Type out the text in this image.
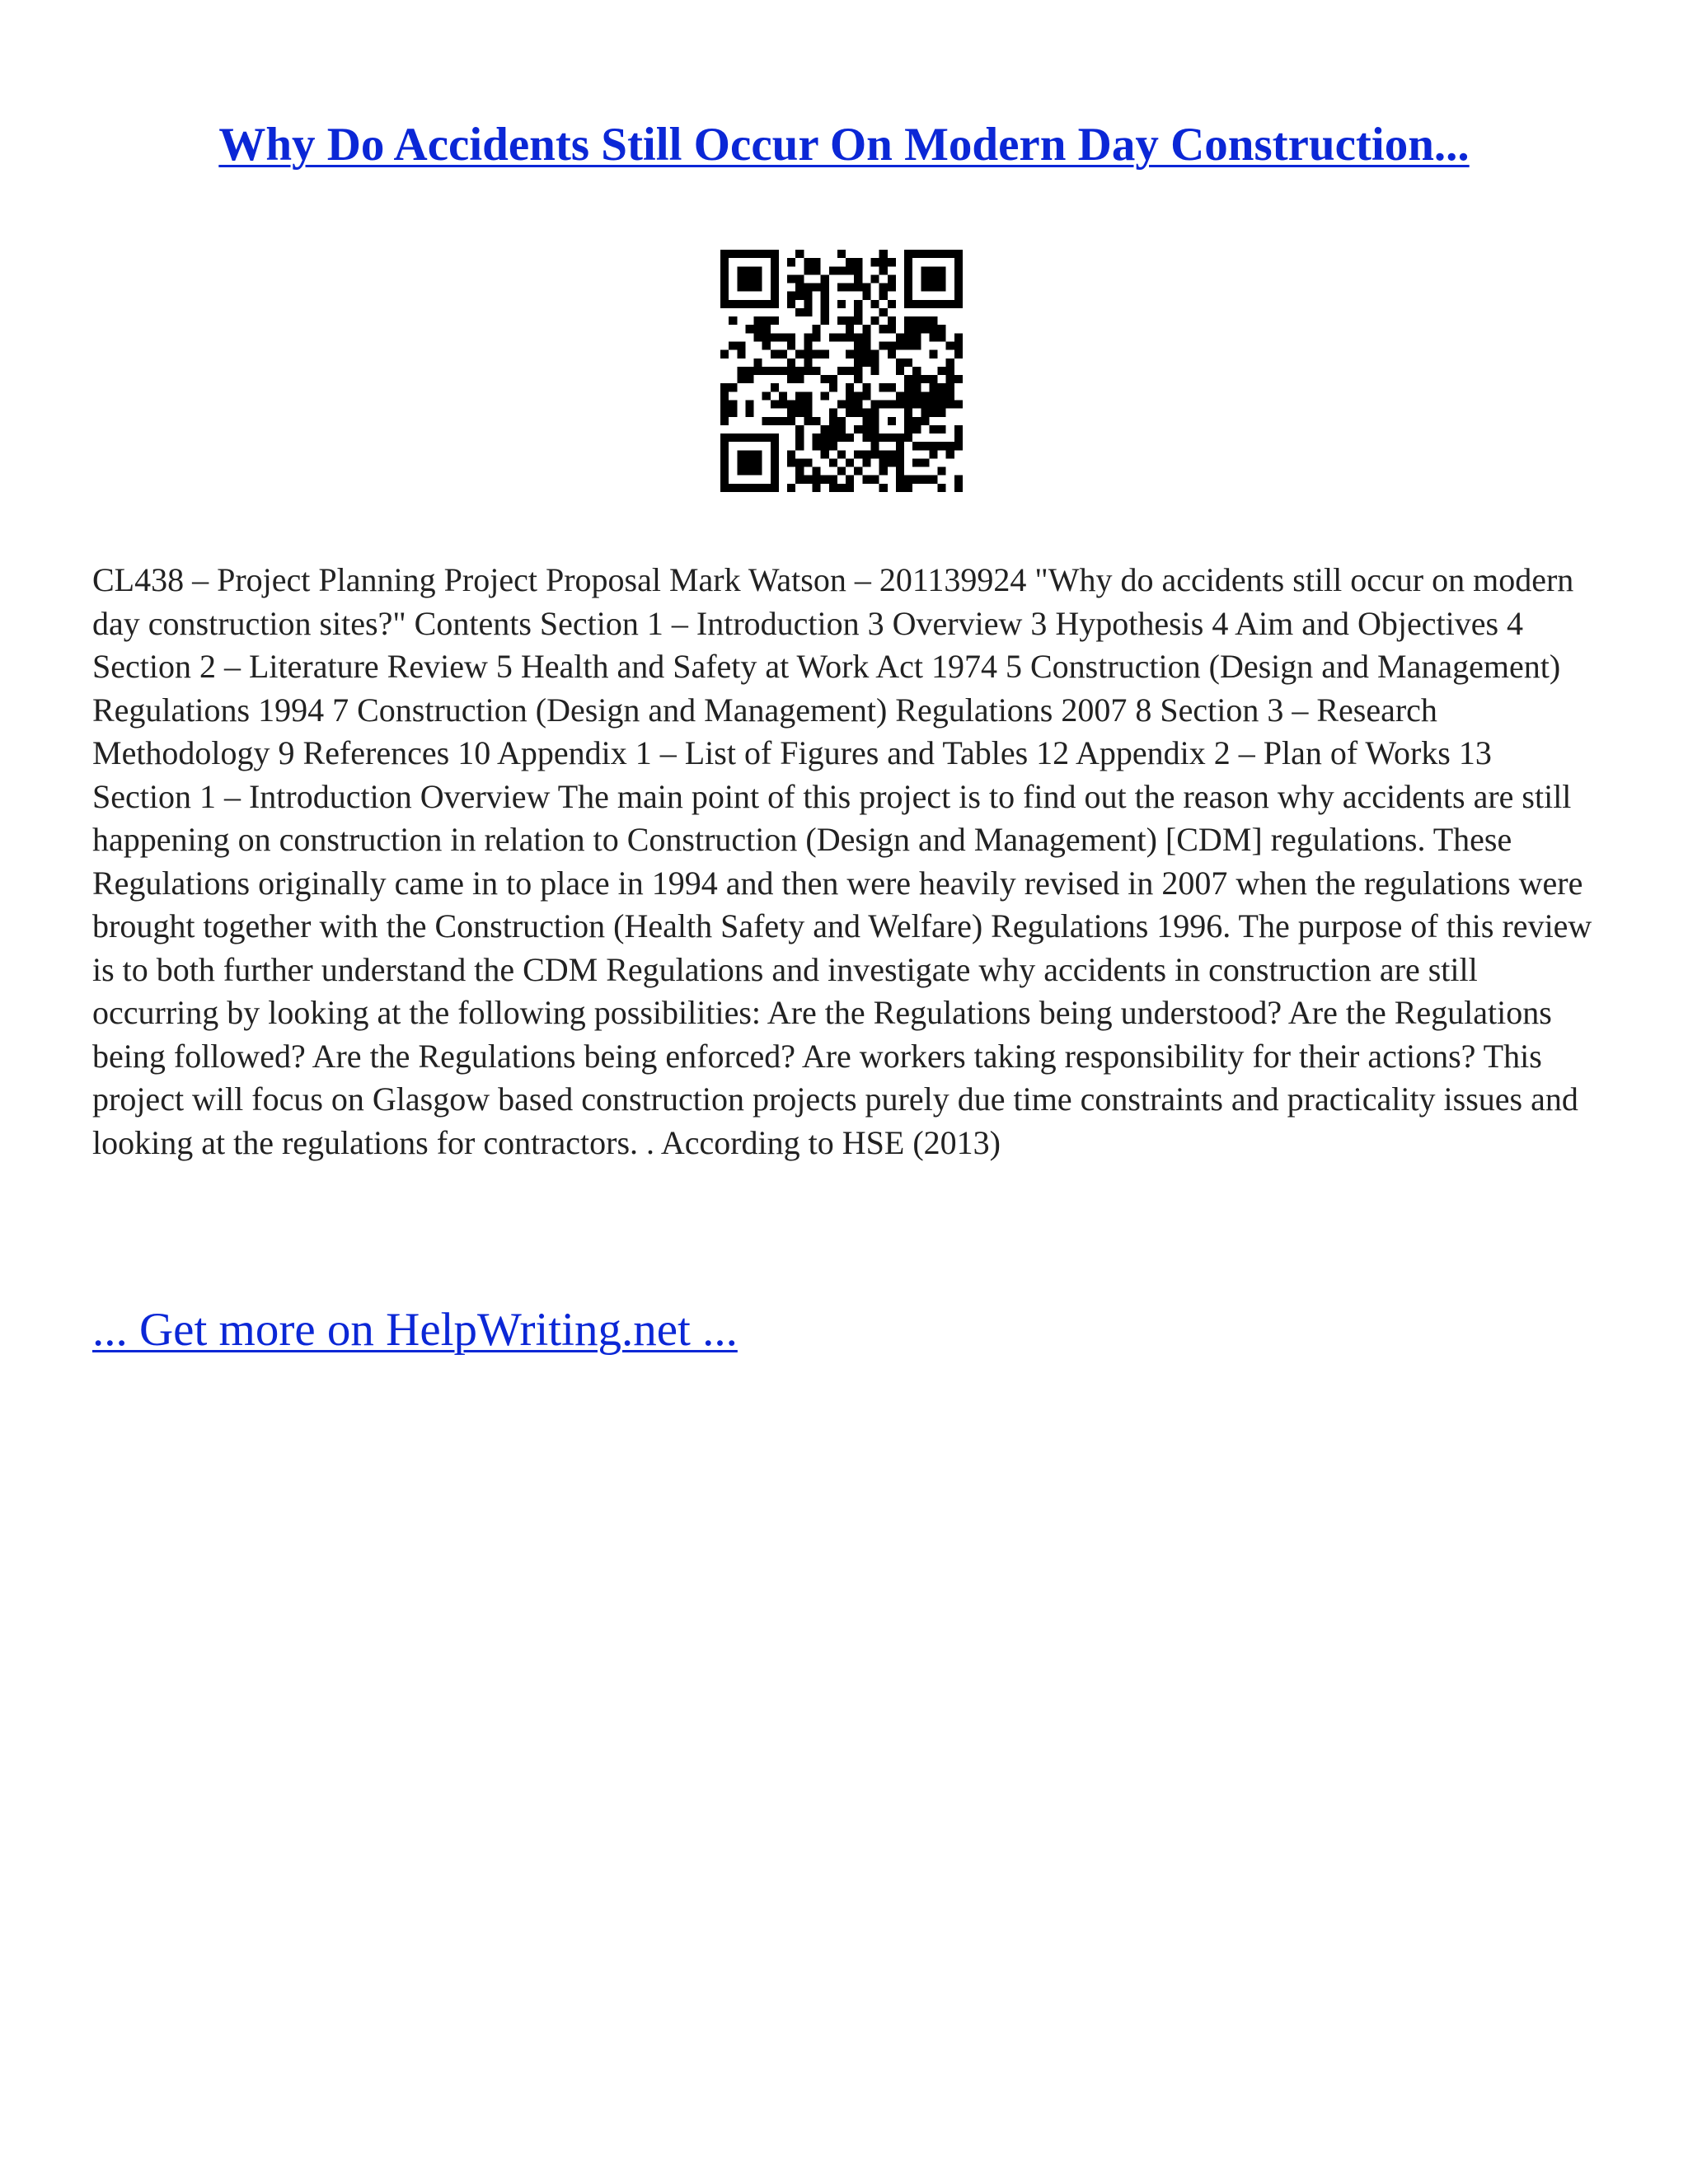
Why Do Accidents Still Occur On Modern Day Construction...

CL438 – Project Planning Project Proposal Mark Watson – 201139924 "Why do accidents still occur on modern day construction sites?" Contents Section 1 – Introduction 3 Overview 3 Hypothesis 4 Aim and Objectives 4 Section 2 – Literature Review 5 Health and Safety at Work Act 1974 5 Construction (Design and Management) Regulations 1994 7 Construction (Design and Management) Regulations 2007 8 Section 3 – Research Methodology 9 References 10 Appendix 1 – List of Figures and Tables 12 Appendix 2 – Plan of Works 13 Section 1 – Introduction Overview The main point of this project is to find out the reason why accidents are still happening on construction in relation to Construction (Design and Management) [CDM] regulations. These Regulations originally came in to place in 1994 and then were heavily revised in 2007 when the regulations were brought together with the Construction (Health Safety and Welfare) Regulations 1996. The purpose of this review is to both further understand the CDM Regulations and investigate why accidents in construction are still occurring by looking at the following possibilities: Are the Regulations being understood? Are the Regulations being followed? Are the Regulations being enforced? Are workers taking responsibility for their actions? This project will focus on Glasgow based construction projects purely due time constraints and practicality issues and looking at the regulations for contractors. . According to HSE (2013)

... Get more on HelpWriting.net ...
